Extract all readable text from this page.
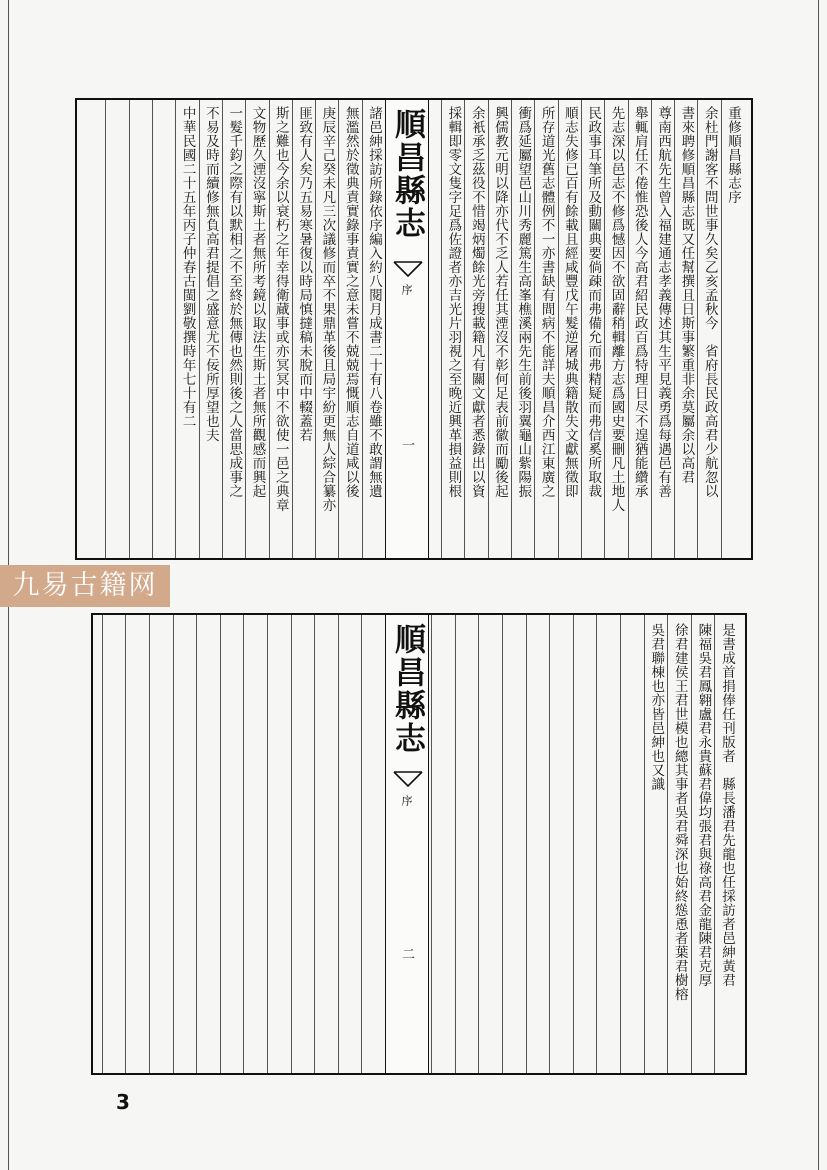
重修順昌縣志序
余杜門謝客不問世事久矣乙亥孟秋今　省府長民政高君少航忽以
書來聘修順昌縣志既又任幫撰且日斯事繁重非余莫屬余以高君
尊南西航先生曾入福建通志孝義傳述其生平見義勇爲每遇邑有善
舉輒肩任不倦惟恐後人今高君紹民政百爲特理日尽不遑猶能纘承
先志深以邑志不修爲憾因不欲固辭稍輯離方志爲國史要刪凡土地人
民政事耳筆所及動關典要倘疎而弗備允而弗精疑而弗信奚所取裁
順志失修已百有餘載且經咸豐戊午髮逆屠城典籍散失文獻無徵即
所存道光舊志體例不一亦書缺有間病不能詳夫順昌介西江東廣之
衝爲延屬望邑山川秀麗篤生高峯樵溪兩先生前後羽翼龜山紫陽振
興儒教元明以降亦代不乏人若任其湮沒不彰何足表前徽而勵後起
余衹承乏茲役不惜竭炳燭餘光旁搜載籍凡有關文獻者悉錄出以資
採輯即零文隻字足爲佐證者亦吉光片羽視之至晚近興革損益則根
諸邑紳採訪所錄依序編入約八閱月成書二十有八卷雖不敢謂無遺
無濫然於徵典責實錄事責實之意未嘗不兢兢焉慨順志自道咸以後
庚辰辛己癸未凡三次議修而卒不果鼎革後且局宇紛更無人綜合纂亦
匪致有人矣乃五易寒暑復以時局慎撻稿未脫而中輟蓋若
斯之難也今余以衰朽之年幸得衛蕆事或亦冥冥中不欲使一邑之典章
文物歷久湮沒寧斯土者無所考鏡以取法生斯土者無所觀感而興起
一髮千鈞之際有以默相之不至終於無傳也然則後之人當思成事之
不易及時而續修無負高君提倡之盛意尤不佞所厚望也夫
中華民國二十五年丙子仲春古閩劉敬撰時年七十有二	順昌縣志
序
一
九易古籍网
是書成首捐俸任刊版者　縣長潘君先龍也任採訪者邑紳黃君
陳福吳君鳳翱盧君永貴蘇君偉均張君與祿高君金龍陳君克厚
徐君建侯王君世模也總其事者吳君舜深也始終慫恿者葉君樹榕
吳君聯棟也亦皆邑紳也又識
順昌縣志
序
二
3
